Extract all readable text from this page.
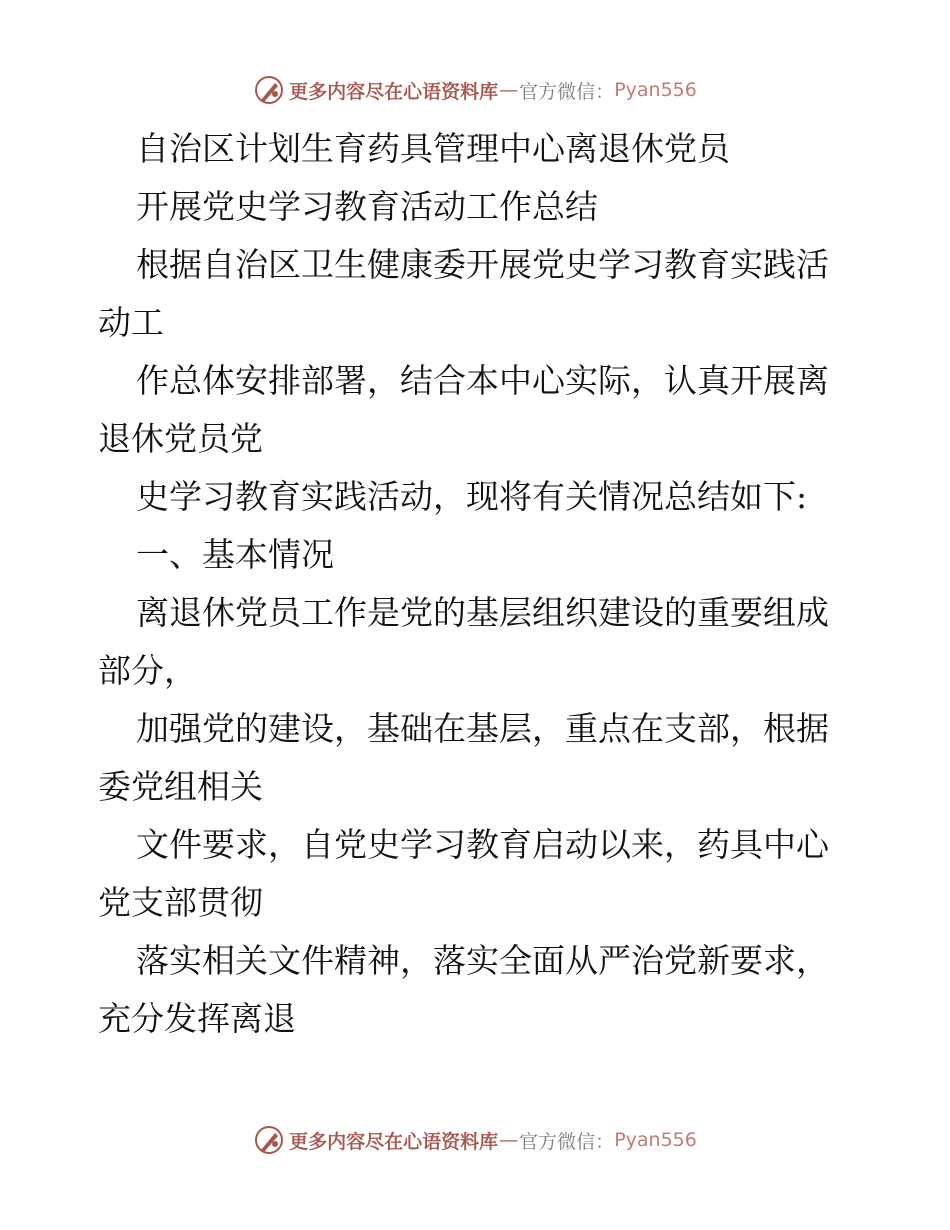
更多内容尽在心语资料库 — 官方微信： Pyan556
自治区计划生育药具管理中心离退休党员
开展党史学习教育活动工作总结
根据自治区卫生健康委开展党史学习教育实践活
动工
作总体安排部署，结合本中心实际，认真开展离
退休党员党
史学习教育实践活动，现将有关情况总结如下:
一、基本情况
离退休党员工作是党的基层组织建设的重要组成
部分，
加强党的建设，基础在基层，重点在支部，根据
委党组相关
文件要求，自党史学习教育启动以来，药具中心
党支部贯彻
落实相关文件精神，落实全面从严治党新要求，
充分发挥离退
更多内容尽在心语资料库 — 官方微信： Pyan556
